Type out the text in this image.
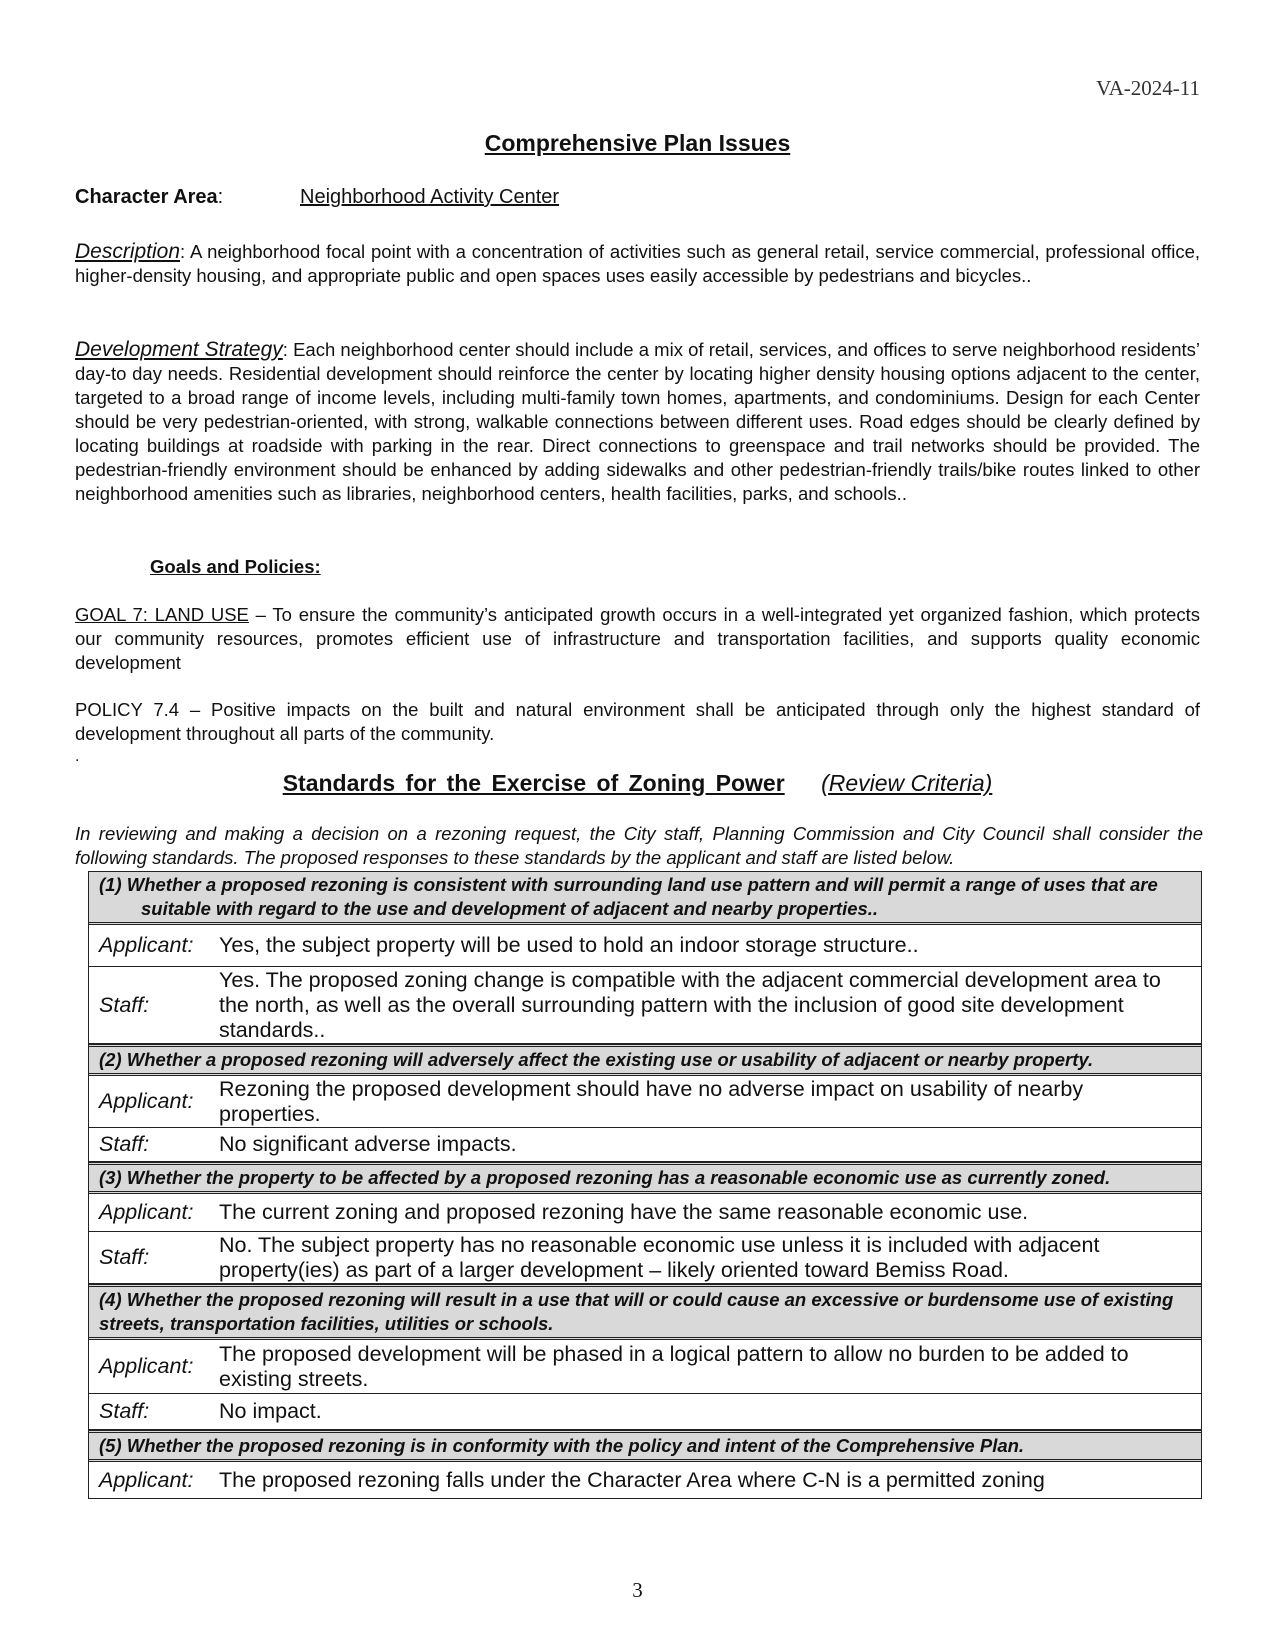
VA-2024-11
Comprehensive Plan Issues
Character Area:	Neighborhood Activity Center
Description: A neighborhood focal point with a concentration of activities such as general retail, service commercial, professional office, higher-density housing, and appropriate public and open spaces uses easily accessible by pedestrians and bicycles..
Development Strategy: Each neighborhood center should include a mix of retail, services, and offices to serve neighborhood residents’ day-to day needs. Residential development should reinforce the center by locating higher density housing options adjacent to the center, targeted to a broad range of income levels, including multi-family town homes, apartments, and condominiums. Design for each Center should be very pedestrian-oriented, with strong, walkable connections between different uses. Road edges should be clearly defined by locating buildings at roadside with parking in the rear. Direct connections to greenspace and trail networks should be provided. The pedestrian-friendly environment should be enhanced by adding sidewalks and other pedestrian-friendly trails/bike routes linked to other neighborhood amenities such as libraries, neighborhood centers, health facilities, parks, and schools..
Goals and Policies:
GOAL 7: LAND USE – To ensure the community’s anticipated growth occurs in a well-integrated yet organized fashion, which protects our community resources, promotes efficient use of infrastructure and transportation facilities, and supports quality economic development
POLICY 7.4 – Positive impacts on the built and natural environment shall be anticipated through only the highest standard of development throughout all parts of the community.
.
Standards for the Exercise of Zoning Power (Review Criteria)
In reviewing and making a decision on a rezoning request, the City staff, Planning Commission and City Council shall consider the following standards. The proposed responses to these standards by the applicant and staff are listed below.
(1) Whether a proposed rezoning is consistent with surrounding land use pattern and will permit a range of uses that are suitable with regard to the use and development of adjacent and nearby properties..
Applicant:	Yes, the subject property will be used to hold an indoor storage structure..
Staff:
Yes. The proposed zoning change is compatible with the adjacent commercial development area to the north, as well as the overall surrounding pattern with the inclusion of good site development standards..
(2) Whether a proposed rezoning will adversely affect the existing use or usability of adjacent or nearby property.
Applicant:
Rezoning the proposed development should have no adverse impact on usability of nearby properties.
Staff:	No significant adverse impacts.
(3) Whether the property to be affected by a proposed rezoning has a reasonable economic use as currently zoned.
Applicant:	The current zoning and proposed rezoning have the same reasonable economic use.
Staff:
No. The subject property has no reasonable economic use unless it is included with adjacent property(ies) as part of a larger development – likely oriented toward Bemiss Road.
(4) Whether the proposed rezoning will result in a use that will or could cause an excessive or burdensome use of existing streets, transportation facilities, utilities or schools.
Applicant:
The proposed development will be phased in a logical pattern to allow no burden to be added to existing streets.
Staff:	No impact.
(5) Whether the proposed rezoning is in conformity with the policy and intent of the Comprehensive Plan.
Applicant:	The proposed rezoning falls under the Character Area where C-N is a permitted zoning
3
